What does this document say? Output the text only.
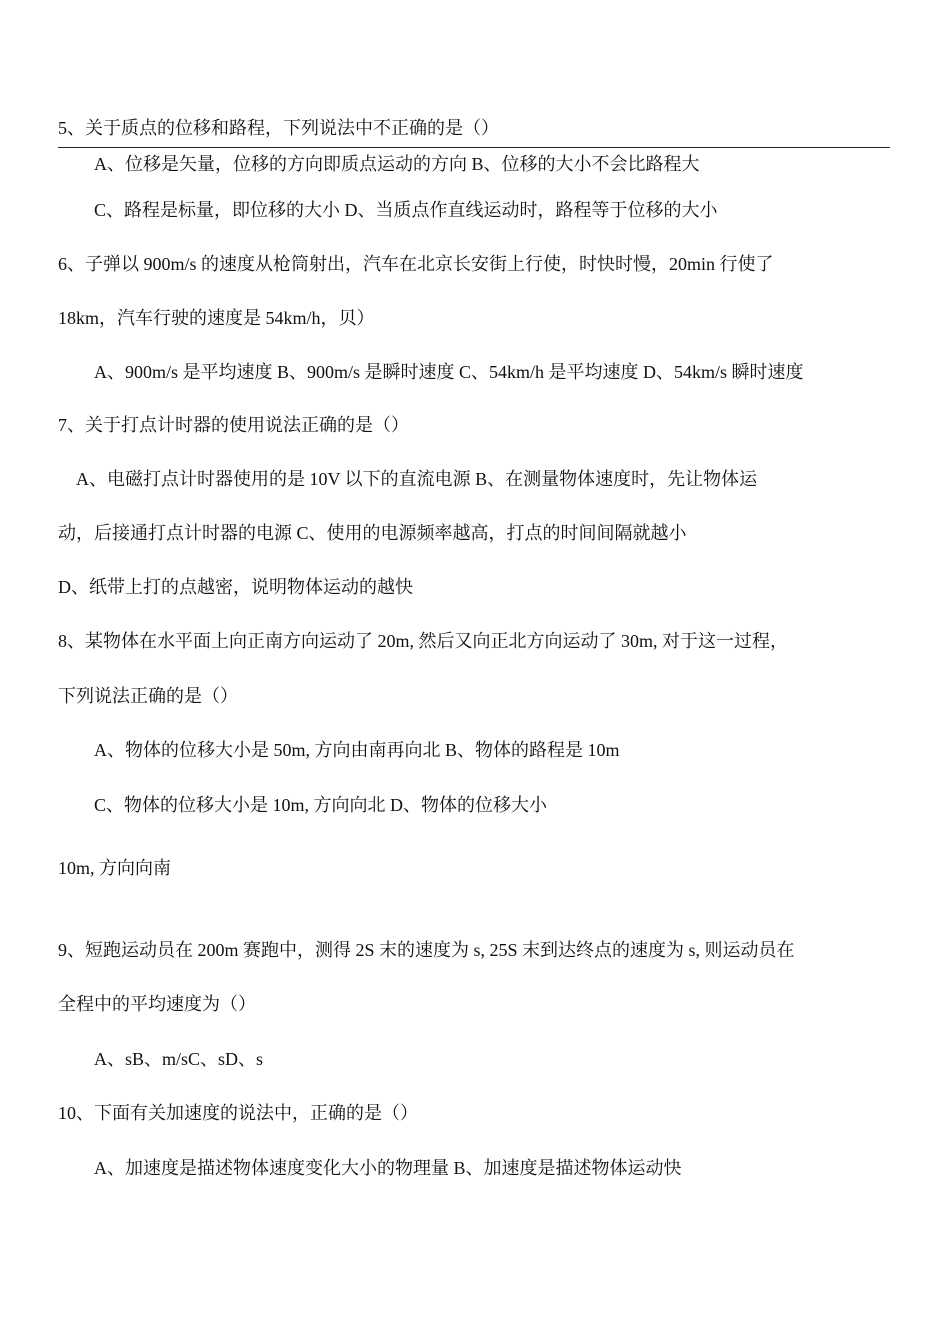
5、关于质点的位移和路程，下列说法中不正确的是（）
A、位移是矢量，位移的方向即质点运动的方向 B、位移的大小不会比路程大
C、路程是标量，即位移的大小 D、当质点作直线运动时，路程等于位移的大小
6、子弹以 900m/s 的速度从枪筒射出，汽车在北京长安街上行使，时快时慢，20min 行使了
18km，汽车行驶的速度是 54km/h，贝）
A、900m/s 是平均速度 B、900m/s 是瞬时速度 C、54km/h 是平均速度 D、54km/s 瞬时速度
7、关于打点计时器的使用说法正确的是（）
A、电磁打点计时器使用的是 10V 以下的直流电源 B、在测量物体速度时，先让物体运
动，后接通打点计时器的电源 C、使用的电源频率越高，打点的时间间隔就越小
D、纸带上打的点越密，说明物体运动的越快
8、某物体在水平面上向正南方向运动了 20m, 然后又向正北方向运动了 30m, 对于这一过程，
下列说法正确的是（）
A、物体的位移大小是 50m, 方向由南再向北 B、物体的路程是 10m
C、物体的位移大小是 10m, 方向向北 D、物体的位移大小
10m, 方向向南
9、短跑运动员在 200m 赛跑中，测得 2S 末的速度为 s, 25S 末到达终点的速度为 s, 则运动员在
全程中的平均速度为（）
A、sB、m/sC、sD、s
10、下面有关加速度的说法中，正确的是（）
A、加速度是描述物体速度变化大小的物理量 B、加速度是描述物体运动快
